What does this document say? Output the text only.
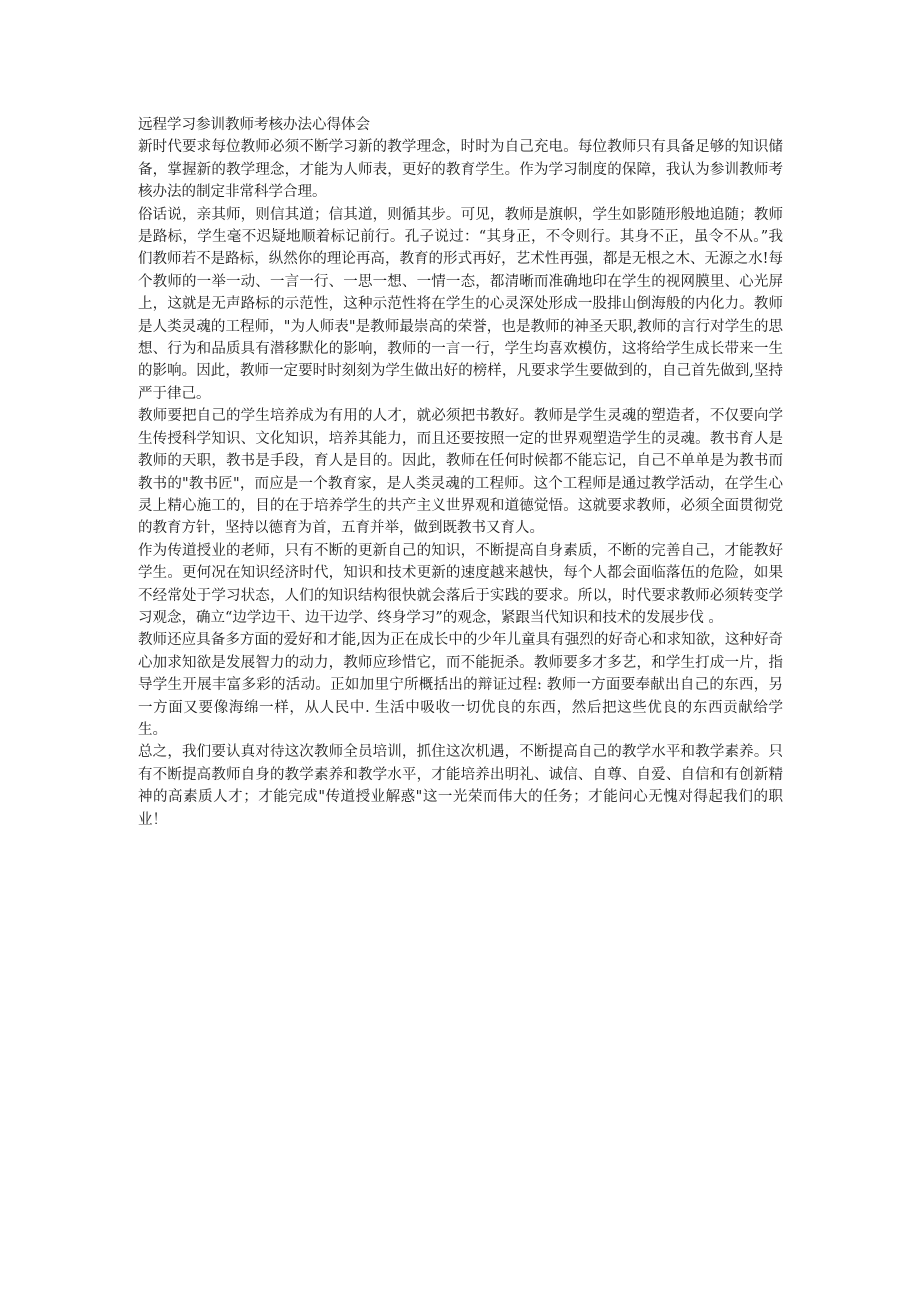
远程学习参训教师考核办法心得体会

新时代要求每位教师必须不断学习新的教学理念，时时为自己充电。每位教师只有具备足够的知识储备，掌握新的教学理念，才能为人师表，更好的教育学生。作为学习制度的保障，我认为参训教师考核办法的制定非常科学合理。

俗话说，亲其师，则信其道；信其道，则循其步。可见，教师是旗帜，学生如影随形般地追随；教师是路标，学生毫不迟疑地顺着标记前行。孔子说过：“其身正，不令则行。其身不正，虽令不从。”我们教师若不是路标，纵然你的理论再高，教育的形式再好，艺术性再强，都是无根之木、无源之水!每个教师的一举一动、一言一行、一思一想、一情一态，都清晰而准确地印在学生的视网膜里、心光屏上，这就是无声路标的示范性，这种示范性将在学生的心灵深处形成一股排山倒海般的内化力。教师是人类灵魂的工程师，"为人师表"是教师最崇高的荣誉，也是教师的神圣天职,教师的言行对学生的思想、行为和品质具有潜移默化的影响，教师的一言一行，学生均喜欢模仿，这将给学生成长带来一生的影响。因此，教师一定要时时刻刻为学生做出好的榜样，凡要求学生要做到的，自己首先做到,坚持严于律己。

教师要把自己的学生培养成为有用的人才，就必须把书教好。教师是学生灵魂的塑造者，不仅要向学生传授科学知识、文化知识，培养其能力，而且还要按照一定的世界观塑造学生的灵魂。教书育人是教师的天职，教书是手段，育人是目的。因此，教师在任何时候都不能忘记，自己不单单是为教书而教书的"教书匠"，而应是一个教育家，是人类灵魂的工程师。这个工程师是通过教学活动，在学生心灵上精心施工的，目的在于培养学生的共产主义世界观和道德觉悟。这就要求教师，必须全面贯彻党的教育方针，坚持以德育为首，五育并举，做到既教书又育人。

作为传道授业的老师，只有不断的更新自己的知识，不断提高自身素质，不断的完善自己，才能教好学生。更何况在知识经济时代，知识和技术更新的速度越来越快，每个人都会面临落伍的危险，如果不经常处于学习状态，人们的知识结构很快就会落后于实践的要求。所以，时代要求教师必须转变学习观念，确立“边学边干、边干边学、终身学习”的观念，紧跟当代知识和技术的发展步伐 。

教师还应具备多方面的爱好和才能,因为正在成长中的少年儿童具有强烈的好奇心和求知欲，这种好奇心加求知欲是发展智力的动力，教师应珍惜它，而不能扼杀。教师要多才多艺，和学生打成一片，指导学生开展丰富多彩的活动。正如加里宁所概括出的辩证过程: 教师一方面要奉献出自己的东西，另一方面又要像海绵一样，从人民中. 生活中吸收一切优良的东西，然后把这些优良的东西贡献给学生。

总之，我们要认真对待这次教师全员培训，抓住这次机遇，不断提高自己的教学水平和教学素养。只有不断提高教师自身的教学素养和教学水平，才能培养出明礼、诚信、自尊、自爱、自信和有创新精神的高素质人才；才能完成"传道授业解惑"这一光荣而伟大的任务；才能问心无愧对得起我们的职业！
